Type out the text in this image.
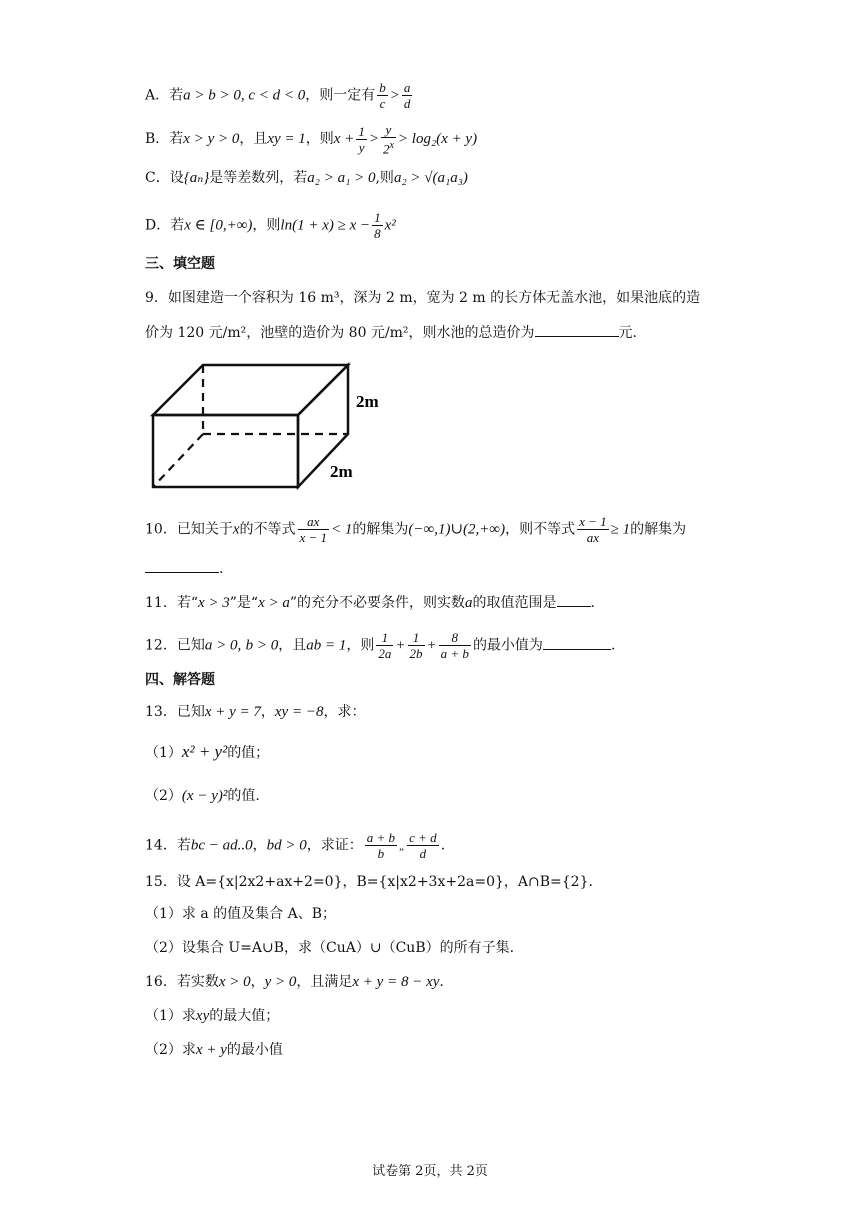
A．若a > b > 0, c < d < 0，则一定有 $\frac{b}{c} > \frac{a}{d}$
B．若x > y > 0，且xy = 1，则$x + \frac{1}{y} > \frac{y}{2^x} > \log_2(x + y)$
C．设{aₙ}是等差数列，若a₂ > a₁ > 0,则a₂ > √(a₁a₃)
D．若x ∈ [0,+∞)，则$\ln(1 + x) \ge x - \frac{1}{8} x^2$
三、填空题
9．如图建造一个容积为 16 m³，深为 2 m，宽为 2 m 的长方体无盖水池，如果池底的造
价为 120 元/m²，池壁的造价为 80 元/m²，则水池的总造价为	元.
2m
2m
10．已知关于x的不等式 $\frac{ax}{x - 1} < 1$的解集为(−∞,1)∪(2,+∞)，则不等式 $\frac{x - 1}{ax} \ge 1$的解集为
.
11．若“x > 3”是“x > a”的充分不必要条件，则实数a的取值范围是 .
12．已知a > 0, b > 0，且ab = 1，则 $\frac{1}{2a} + \frac{1}{2b} + \frac{8}{a + b}$ 的最小值为	.
四、解答题
13．已知x + y = 7，xy = −8，求：
（1）x² + y²的值；
（2）(x − y)²的值.
14．若bc − ad..0，bd > 0，求证： $\frac{a + b}{b}$ „ $\frac{c + d}{d}$ .
15．设 A={x|2x2+ax+2=0}，B={x|x2+3x+2a=0}，A∩B={2}.
（1）求 a 的值及集合 A、B；
（2）设集合 U=A∪B，求（CuA）∪（CuB）的所有子集.
16．若实数x > 0，y > 0，且满足x + y = 8 − xy.
（1）求xy的最大值；
（2）求x + y的最小值
试卷第 2页，共 2页
